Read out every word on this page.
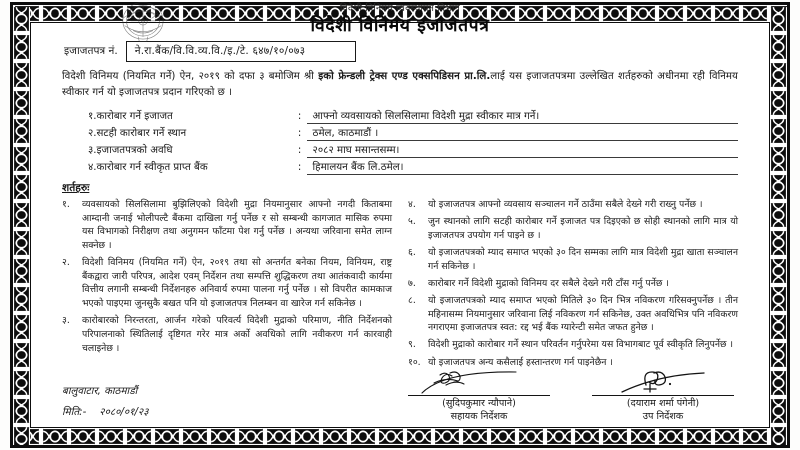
विदेशी विनिमय व्यवस्थापन विभाग
विदेशी विनिमय इजाजतपत्र
इजाजतपत्र नं.	ने.रा.बैंक/वि.वि.व्य.वि./इ./टे. ६४७/१०/०७३

विदेशी विनिमय (नियमित गर्ने) ऐन, २०१९ को दफा ३ बमोजिम श्री इको फ्रेन्डली ट्रेक्स एण्ड एक्सपिडिसन प्रा.लि.लाई यस इजाजतपत्रमा उल्लेखित शर्तहरुको अधीनमा रही विनिमय स्वीकार गर्न यो इजाजतपत्र प्रदान गरिएको छ ।

१.	कारोबार गर्ने इजाजत	:	आफ्नो व्यवसायको सिलसिलामा विदेशी मुद्रा स्वीकार मात्र गर्ने।
२.	सटही कारोबार गर्ने स्थान	:	ठमेल, काठमाडौं ।
३.	इजाजतपत्रको अवधि	:	२०८२ माघ मसान्तसम्म।
४.	कारोबार गर्न स्वीकृत प्राप्त बैंक	:	हिमालयन बैंक लि.ठमेल।
शर्तहरुः
१.	व्यवसायको सिलसिलामा बुझिलिएको विदेशी मुद्रा नियमानुसार आफ्नो नगदी किताबमा आम्दानी जनाई भोलीपल्टै बैंकमा दाखिला गर्नु पर्नेछ र सो सम्बन्धी कागजात मासिक रुपमा यस विभागको निरीक्षण तथा अनुगमन फाँटमा पेश गर्नु पर्नेछ । अन्यथा जरिवाना समेत लाग्न सक्नेछ ।
२.	विदेशी विनिमय (नियमित गर्ने) ऐन, २०१९ तथा सो अन्तर्गत बनेका नियम, विनियम, राष्ट्र बैंकद्वारा जारी परिपत्र, आदेश एवम् निर्देशन तथा सम्पत्ति शुद्धिकरण तथा आतंकवादी कार्यमा वित्तीय लगानी सम्बन्धी निर्देशनहरु अनिवार्य रुपमा पालना गर्नु पर्नेछ । सो विपरीत कामकाज भएको पाइएमा जुनसुकै बखत पनि यो इजाजतपत्र निलम्बन वा खारेज गर्न सकिनेछ ।
३.	कारोबारको निरन्तरता, आर्जन गरेको परिवर्त्य विदेशी मुद्राको परिमाण, नीति निर्देशनको परिपालनाको स्थितिलाई दृष्टिगत गरेर मात्र अर्को अवधिको लागि नवीकरण गर्न कारवाही चलाइनेछ ।
४.	यो इजाजतपत्र आफ्नो व्यवसाय सञ्चालन गर्ने ठाउँमा सबैले देख्ने गरी राख्नु पर्नेछ ।
५.	जुन स्थानको लागि सटही कारोबार गर्ने इजाजत पत्र दिइएको छ सोही स्थानको लागि मात्र यो इजाजतपत्र उपयोग गर्न पाइने छ ।
६.	यो इजाजतपत्रको म्याद समाप्त भएको ३० दिन सम्मका लागि मात्र विदेशी मुद्रा खाता सञ्चालन गर्न सकिनेछ ।
७.	कारोबार गर्ने विदेशी मुद्राको विनिमय दर सबैले देख्ने गरी टाँस गर्नु पर्नेछ ।
८.	यो इजाजतपत्रको म्याद समाप्त भएको मितिले ३० दिन भित्र नविकरण गरिसक्नुपर्नेछ । तीन महिनासम्म नियमानुसार जरिवाना लिई नविकरण गर्न सकिनेछ, उक्त अवधिभित्र पनि नविकरण नगराएमा इजाजतपत्र स्वत: रद्द भई बैंक ग्यारेन्टी समेत जफत हुनेछ ।
९.	विदेशी मुद्राको कारोबार गर्ने स्थान परिवर्तन गर्नुपरेमा यस विभागबाट पूर्व स्वीकृति लिनुपर्नेछ ।
१०. यो इजाजतपत्र अन्य कसैलाई हस्तान्तरण गर्न पाइनेछैन ।
बालुवाटार, काठमाडौं
मिति:- २०८०/०१/२३
(सुदिपकुमार न्यौपाने)
सहायक निर्देशक
(दयाराम शर्मा पंगेनी)
उप निर्देशक
